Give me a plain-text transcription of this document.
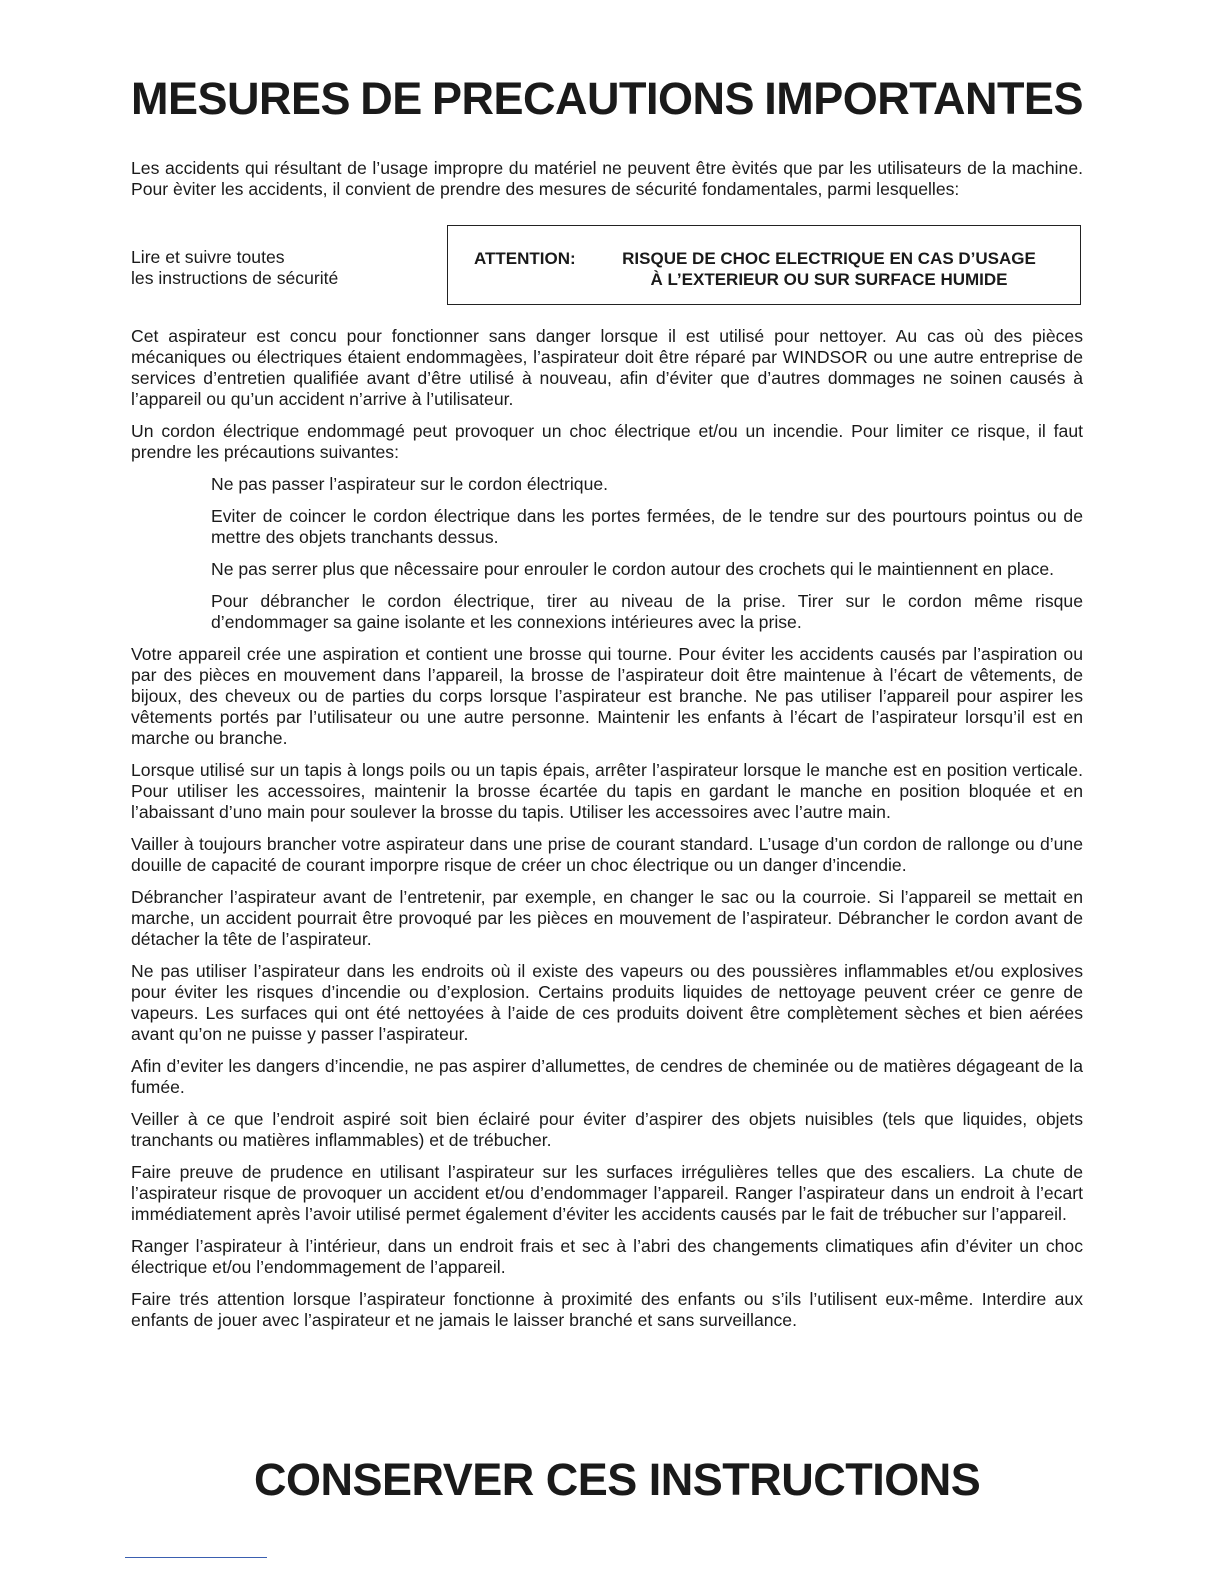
MESURES DE PRECAUTIONS IMPORTANTES

Les accidents qui résultant de l’usage impropre du matériel ne peuvent être èvités que par les utilisateurs de la machine. Pour èviter les accidents, il convient de prendre des mesures de sécurité fondamentales, parmi lesquelles:

Lire et suivre toutes
les instructions de sécurité
ATTENTION:	RISQUE DE CHOC ELECTRIQUE EN CAS D’USAGE
À L’EXTERIEUR OU SUR SURFACE HUMIDE

Cet aspirateur est concu pour fonctionner sans danger lorsque il est utilisé pour nettoyer. Au cas où des pièces mécaniques ou électriques étaient endommagèes, l’aspirateur doit être réparé par WINDSOR ou une autre entreprise de services d’entretien qualifiée avant d’être utilisé à nouveau, afin d’éviter que d’autres dommages ne soinen causés à l’appareil ou qu’un accident n’arrive à l’utilisateur.

Un cordon électrique endommagé peut provoquer un choc électrique et/ou un incendie. Pour limiter ce risque, il faut prendre les précautions suivantes:

Ne pas passer l’aspirateur sur le cordon électrique.

Eviter de coincer le cordon électrique dans les portes fermées, de le tendre sur des pourtours pointus ou de mettre des objets tranchants dessus.

Ne pas serrer plus que nêcessaire pour enrouler le cordon autour des crochets qui le maintiennent en place.

Pour débrancher le cordon électrique, tirer au niveau de la prise. Tirer sur le cordon même risque d’endommager sa gaine isolante et les connexions intérieures avec la prise.

Votre appareil crée une aspiration et contient une brosse qui tourne. Pour éviter les accidents causés par l’aspiration ou par des pièces en mouvement dans l’appareil, la brosse de l’aspirateur doit être maintenue à l’écart de vêtements, de bijoux, des cheveux ou de parties du corps lorsque l’aspirateur est branche. Ne pas utiliser l’appareil pour aspirer les vêtements portés par l’utilisateur ou une autre personne. Maintenir les enfants à l’écart de l’aspirateur lorsqu’il est en marche ou branche.

Lorsque utilisé sur un tapis à longs poils ou un tapis épais, arrêter l’aspirateur lorsque le manche est en position verticale. Pour utiliser les accessoires, maintenir la brosse écartée du tapis en gardant le manche en position bloquée et en l’abaissant d’uno main pour soulever la brosse du tapis. Utiliser les accessoires avec l’autre main.

Vailler à toujours brancher votre aspirateur dans une prise de courant standard. L’usage d’un cordon de rallonge ou d’une douille de capacité de courant imporpre risque de créer un choc électrique ou un danger d’incendie.

Débrancher l’aspirateur avant de l’entretenir, par exemple, en changer le sac ou la courroie. Si l’appareil se mettait en marche, un accident pourrait être provoqué par les pièces en mouvement de l’aspirateur. Débrancher le cordon avant de détacher la tête de l’aspirateur.

Ne pas utiliser l’aspirateur dans les endroits où il existe des vapeurs ou des poussières inflammables et/ou explosives pour éviter les risques d’incendie ou d’explosion. Certains produits liquides de nettoyage peuvent créer ce genre de vapeurs. Les surfaces qui ont été nettoyées à l’aide de ces produits doivent être complètement sèches et bien aérées avant qu’on ne puisse y passer l’aspirateur.

Afin d’eviter les dangers d’incendie, ne pas aspirer d’allumettes, de cendres de cheminée ou de matières dégageant de la fumée.

Veiller à ce que l’endroit aspiré soit bien éclairé pour éviter d’aspirer des objets nuisibles (tels que liquides, objets tranchants ou matières inflammables) et de trébucher.

Faire preuve de prudence en utilisant l’aspirateur sur les surfaces irrégulières telles que des escaliers. La chute de l’aspirateur risque de provoquer un accident et/ou d’endommager l’appareil. Ranger l’aspirateur dans un endroit à l’ecart immédiatement après l’avoir utilisé permet également d’éviter les accidents causés par le fait de trébucher sur l’appareil.

Ranger l’aspirateur à l’intérieur, dans un endroit frais et sec à l’abri des changements climatiques afin d’éviter un choc électrique et/ou l’endommagement de l’appareil.

Faire trés attention lorsque l’aspirateur fonctionne à proximité des enfants ou s’ils l’utilisent eux-même. Interdire aux enfants de jouer avec l’aspirateur et ne jamais le laisser branché et sans surveillance.

CONSERVER CES INSTRUCTIONS
